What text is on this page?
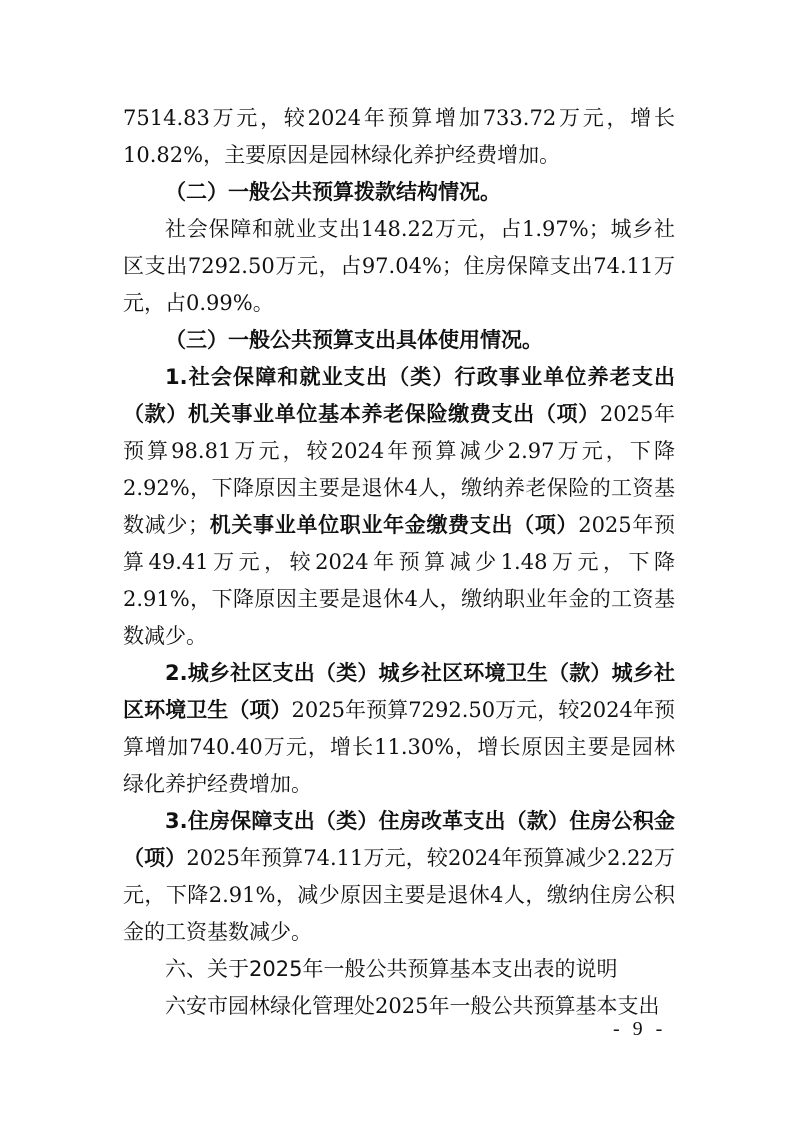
7514.83万元，较2024年预算增加733.72万元，增长10.82%，主要原因是园林绿化养护经费增加。

（二）一般公共预算拨款结构情况。

社会保障和就业支出148.22万元，占1.97%；城乡社区支出7292.50万元，占97.04%；住房保障支出74.11万元，占0.99%。

（三）一般公共预算支出具体使用情况。

1.社会保障和就业支出（类）行政事业单位养老支出（款）机关事业单位基本养老保险缴费支出（项）2025年预算98.81万元，较2024年预算减少2.97万元，下降2.92%，下降原因主要是退休4人，缴纳养老保险的工资基数减少；机关事业单位职业年金缴费支出（项）2025年预算49.41万元，较2024年预算减少1.48万元，下降2.91%，下降原因主要是退休4人，缴纳职业年金的工资基数减少。

2.城乡社区支出（类）城乡社区环境卫生（款）城乡社区环境卫生（项）2025年预算7292.50万元，较2024年预算增加740.40万元，增长11.30%，增长原因主要是园林绿化养护经费增加。

3.住房保障支出（类）住房改革支出（款）住房公积金（项）2025年预算74.11万元，较2024年预算减少2.22万元，下降2.91%，减少原因主要是退休4人，缴纳住房公积金的工资基数减少。

六、关于2025年一般公共预算基本支出表的说明

六安市园林绿化管理处2025年一般公共预算基本支出

- 9 -
